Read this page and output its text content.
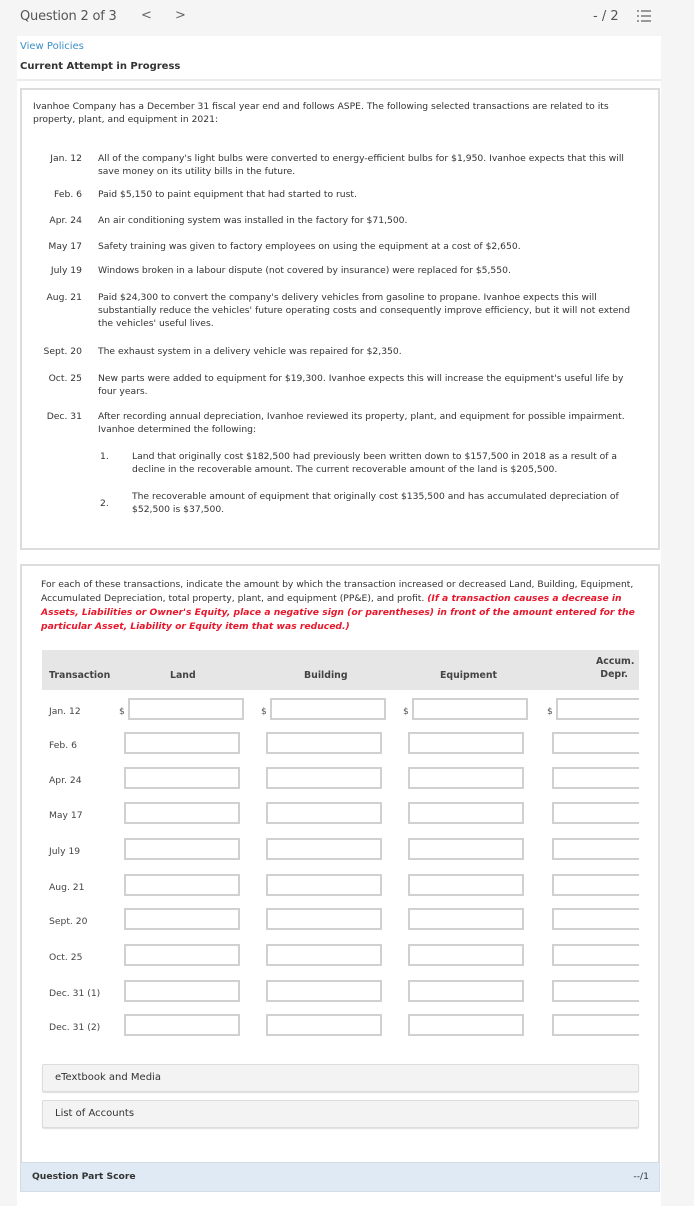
Question 2 of 3 < >	- / 2
View Policies
Current Attempt in Progress
Ivanhoe Company has a December 31 fiscal year end and follows ASPE. The following selected transactions are related to its property, plant, and equipment in 2021:
Jan. 12 All of the company's light bulbs were converted to energy-efficient bulbs for $1,950. Ivanhoe expects that this will save money on its utility bills in the future.
Feb. 6 Paid $5,150 to paint equipment that had started to rust.
Apr. 24 An air conditioning system was installed in the factory for $71,500.
May 17 Safety training was given to factory employees on using the equipment at a cost of $2,650.
July 19 Windows broken in a labour dispute (not covered by insurance) were replaced for $5,550.
Aug. 21 Paid $24,300 to convert the company's delivery vehicles from gasoline to propane. Ivanhoe expects this will substantially reduce the vehicles' future operating costs and consequently improve efficiency, but it will not extend the vehicles' useful lives.
Sept. 20 The exhaust system in a delivery vehicle was repaired for $2,350.
Oct. 25 New parts were added to equipment for $19,300. Ivanhoe expects this will increase the equipment's useful life by four years.
Dec. 31 After recording annual depreciation, Ivanhoe reviewed its property, plant, and equipment for possible impairment. Ivanhoe determined the following:
1.	Land that originally cost $182,500 had previously been written down to $157,500 in 2018 as a result of a decline in the recoverable amount. The current recoverable amount of the land is $205,500.
2.
The recoverable amount of equipment that originally cost $135,500 and has accumulated depreciation of $52,500 is $37,500.
For each of these transactions, indicate the amount by which the transaction increased or decreased Land, Building, Equipment, Accumulated Depreciation, total property, plant, and equipment (PP&E), and profit. (If a transaction causes a decrease in Assets, Liabilities or Owner's Equity, place a negative sign (or parentheses) in front of the amount entered for the particular Asset, Liability or Equity item that was reduced.)
Transaction	Land	Building	Equipment
Accum.
Depr.
Jan. 12	$	$	$	$
Feb. 6
Apr. 24
May 17
July 19
Aug. 21
Sept. 20
Oct. 25
Dec. 31 (1)
Dec. 31 (2)
eTextbook and Media
List of Accounts
Question Part Score	--/1
